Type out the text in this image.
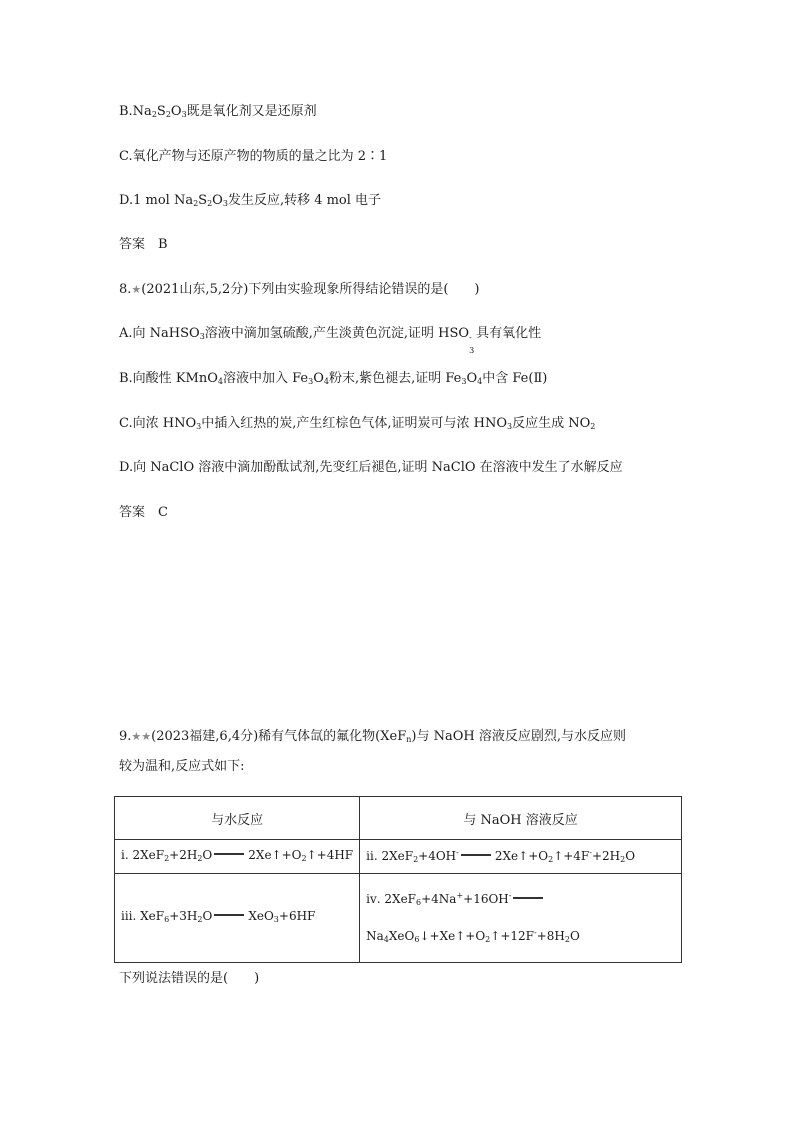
$B.Na_2S_2O_3$既是氧化剂又是还原剂
C.氧化产物与还原产物的物质的量之比为 2∶1
D.1 mol $Na_2S_2O_3$发生反应,转移 4 mol 电子
答案　B
8.★(2021山东,5,2分)下列由实验现象所得结论错误的是(　　)
A.向 NaHSO$_3$溶液中滴加氢硫酸,产生淡黄色沉淀,证明 HSO -
3
具有氧化性
B.向酸性 KMnO$_4$溶液中加入 $Fe_3O_4$粉末,紫色褪去,证明 $Fe_3O_4$中含 Fe(Ⅱ)
C.向浓 $HNO_3$中插入红热的炭,产生红棕色气体,证明炭可与浓 $HNO_3$反应生成 $NO_2$
D.向 NaClO 溶液中滴加酚酞试剂,先变红后褪色,证明 NaClO 在溶液中发生了水解反应
答案　C
9.★★(2023福建,6,4分)稀有气体氙的氟化物(XeF$_n$)与 NaOH 溶液反应剧烈,与水反应则
较为温和,反应式如下:
与水反应	与 NaOH 溶液反应
ⅰ. $2XeF_2+2H_2O$ $2Xe↑+O_2↑+4HF$	ⅱ. 2XeF$_2$+4OH- $2Xe↑+O_2↑+4F^-+2H_2O$
ⅲ. $XeF_6+3H_2O$ XeO$_3$+6HF	ⅳ. 2XeF$_6$+4Na++16OH-
$Na_4XeO_6↓+Xe↑+O_2↑+12F^-+8H_2O$
下列说法错误的是(　　)
